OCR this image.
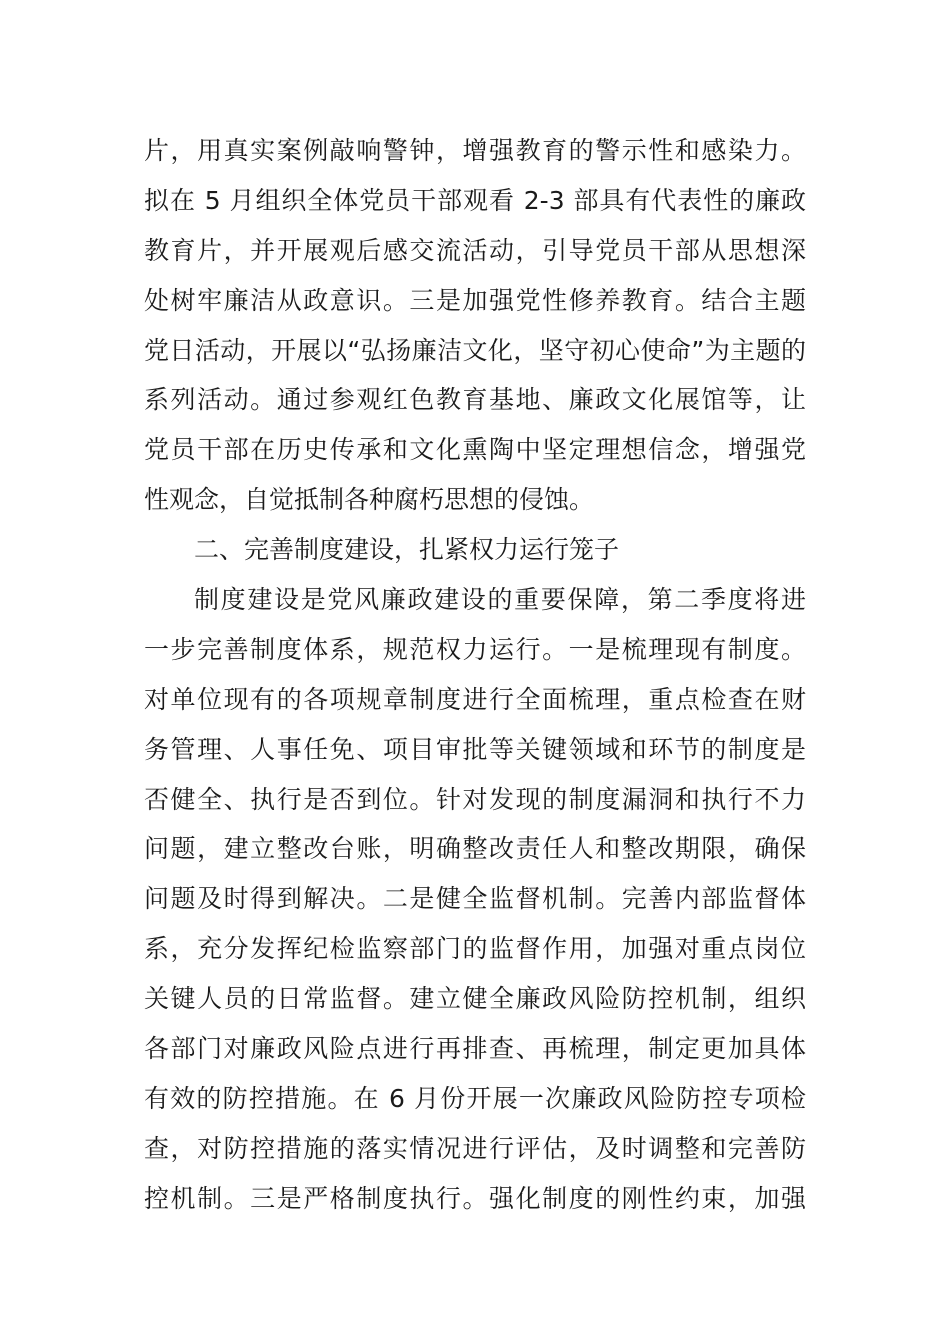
片，用真实案例敲响警钟，增强教育的警示性和感染力。
拟在 5 月组织全体党员干部观看 2-3 部具有代表性的廉政
教育片，并开展观后感交流活动，引导党员干部从思想深
处树牢廉洁从政意识。三是加强党性修养教育。结合主题
党日活动，开展以“弘扬廉洁文化，坚守初心使命”为主题的
系列活动。通过参观红色教育基地、廉政文化展馆等，让
党员干部在历史传承和文化熏陶中坚定理想信念，增强党
性观念，自觉抵制各种腐朽思想的侵蚀。
二、完善制度建设，扎紧权力运行笼子
制度建设是党风廉政建设的重要保障，第二季度将进
一步完善制度体系，规范权力运行。一是梳理现有制度。
对单位现有的各项规章制度进行全面梳理，重点检查在财
务管理、人事任免、项目审批等关键领域和环节的制度是
否健全、执行是否到位。针对发现的制度漏洞和执行不力
问题，建立整改台账，明确整改责任人和整改期限，确保
问题及时得到解决。二是健全监督机制。完善内部监督体
系，充分发挥纪检监察部门的监督作用，加强对重点岗位
关键人员的日常监督。建立健全廉政风险防控机制，组织
各部门对廉政风险点进行再排查、再梳理，制定更加具体
有效的防控措施。在 6 月份开展一次廉政风险防控专项检
查，对防控措施的落实情况进行评估，及时调整和完善防
控机制。三是严格制度执行。强化制度的刚性约束，加强
